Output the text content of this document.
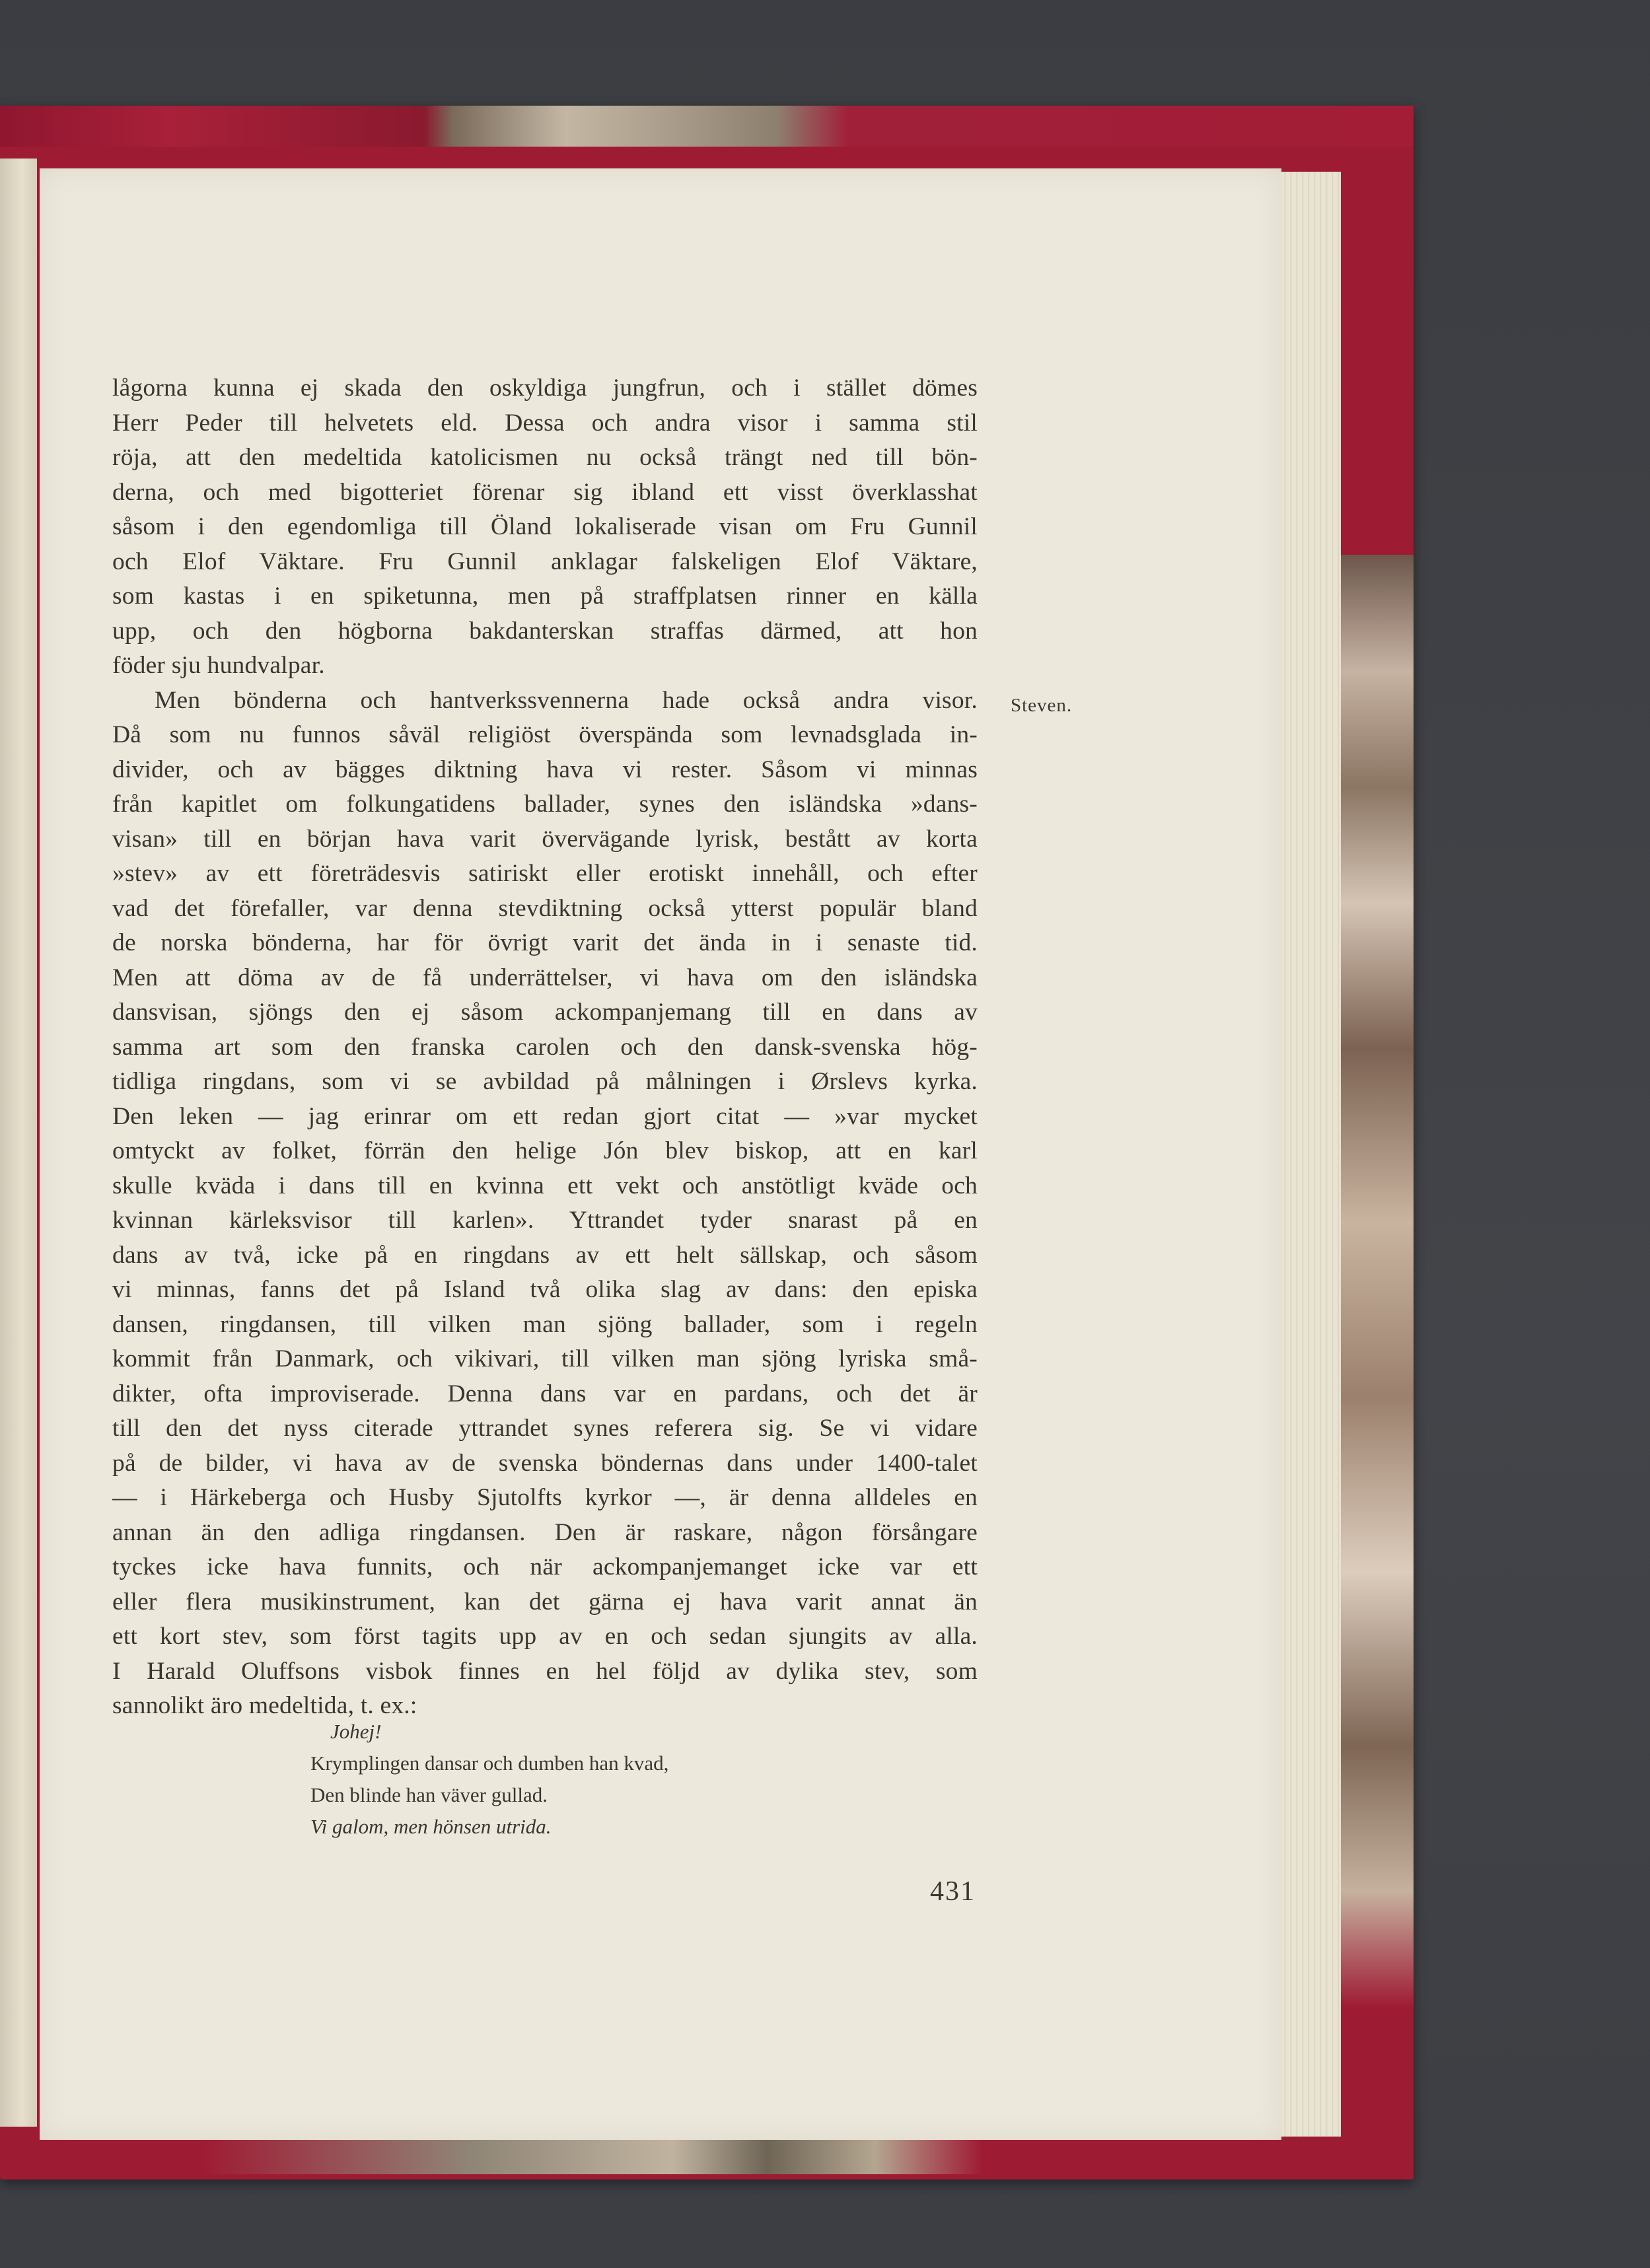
lågorna kunna ej skada den oskyldiga jungfrun, och i stället dömes
Herr Peder till helvetets eld. Dessa och andra visor i samma stil
röja, att den medeltida katolicismen nu också trängt ned till bön-
derna, och med bigotteriet förenar sig ibland ett visst överklasshat
såsom i den egendomliga till Öland lokaliserade visan om Fru Gunnil
och Elof Väktare. Fru Gunnil anklagar falskeligen Elof Väktare,
som kastas i en spiketunna, men på straffplatsen rinner en källa
upp, och den högborna bakdanterskan straffas därmed, att hon
föder sju hundvalpar.
Men bönderna och hantverkssvennerna hade också andra visor.
Då som nu funnos såväl religiöst överspända som levnadsglada in-
divider, och av bägges diktning hava vi rester. Såsom vi minnas
från kapitlet om folkungatidens ballader, synes den isländska »dans-
visan» till en början hava varit övervägande lyrisk, bestått av korta
»stev» av ett företrädesvis satiriskt eller erotiskt innehåll, och efter
vad det förefaller, var denna stevdiktning också ytterst populär bland
de norska bönderna, har för övrigt varit det ända in i senaste tid.
Men att döma av de få underrättelser, vi hava om den isländska
dansvisan, sjöngs den ej såsom ackompanjemang till en dans av
samma art som den franska carolen och den dansk-svenska hög-
tidliga ringdans, som vi se avbildad på målningen i Ørslevs kyrka.
Den leken — jag erinrar om ett redan gjort citat — »var mycket
omtyckt av folket, förrän den helige Jón blev biskop, att en karl
skulle kväda i dans till en kvinna ett vekt och anstötligt kväde och
kvinnan kärleksvisor till karlen». Yttrandet tyder snarast på en
dans av två, icke på en ringdans av ett helt sällskap, och såsom
vi minnas, fanns det på Island två olika slag av dans: den episka
dansen, ringdansen, till vilken man sjöng ballader, som i regeln
kommit från Danmark, och vikivari, till vilken man sjöng lyriska små-
dikter, ofta improviserade. Denna dans var en pardans, och det är
till den det nyss citerade yttrandet synes referera sig. Se vi vidare
på de bilder, vi hava av de svenska böndernas dans under 1400-talet
— i Härkeberga och Husby Sjutolfts kyrkor —, är denna alldeles en
annan än den adliga ringdansen. Den är raskare, någon försångare
tyckes icke hava funnits, och när ackompanjemanget icke var ett
eller flera musikinstrument, kan det gärna ej hava varit annat än
ett kort stev, som först tagits upp av en och sedan sjungits av alla.
I Harald Oluffsons visbok finnes en hel följd av dylika stev, som
sannolikt äro medeltida, t. ex.:
Steven.
Johej!
Krymplingen dansar och dumben han kvad,
Den blinde han väver gullad.
Vi galom, men hönsen utrida.
431
